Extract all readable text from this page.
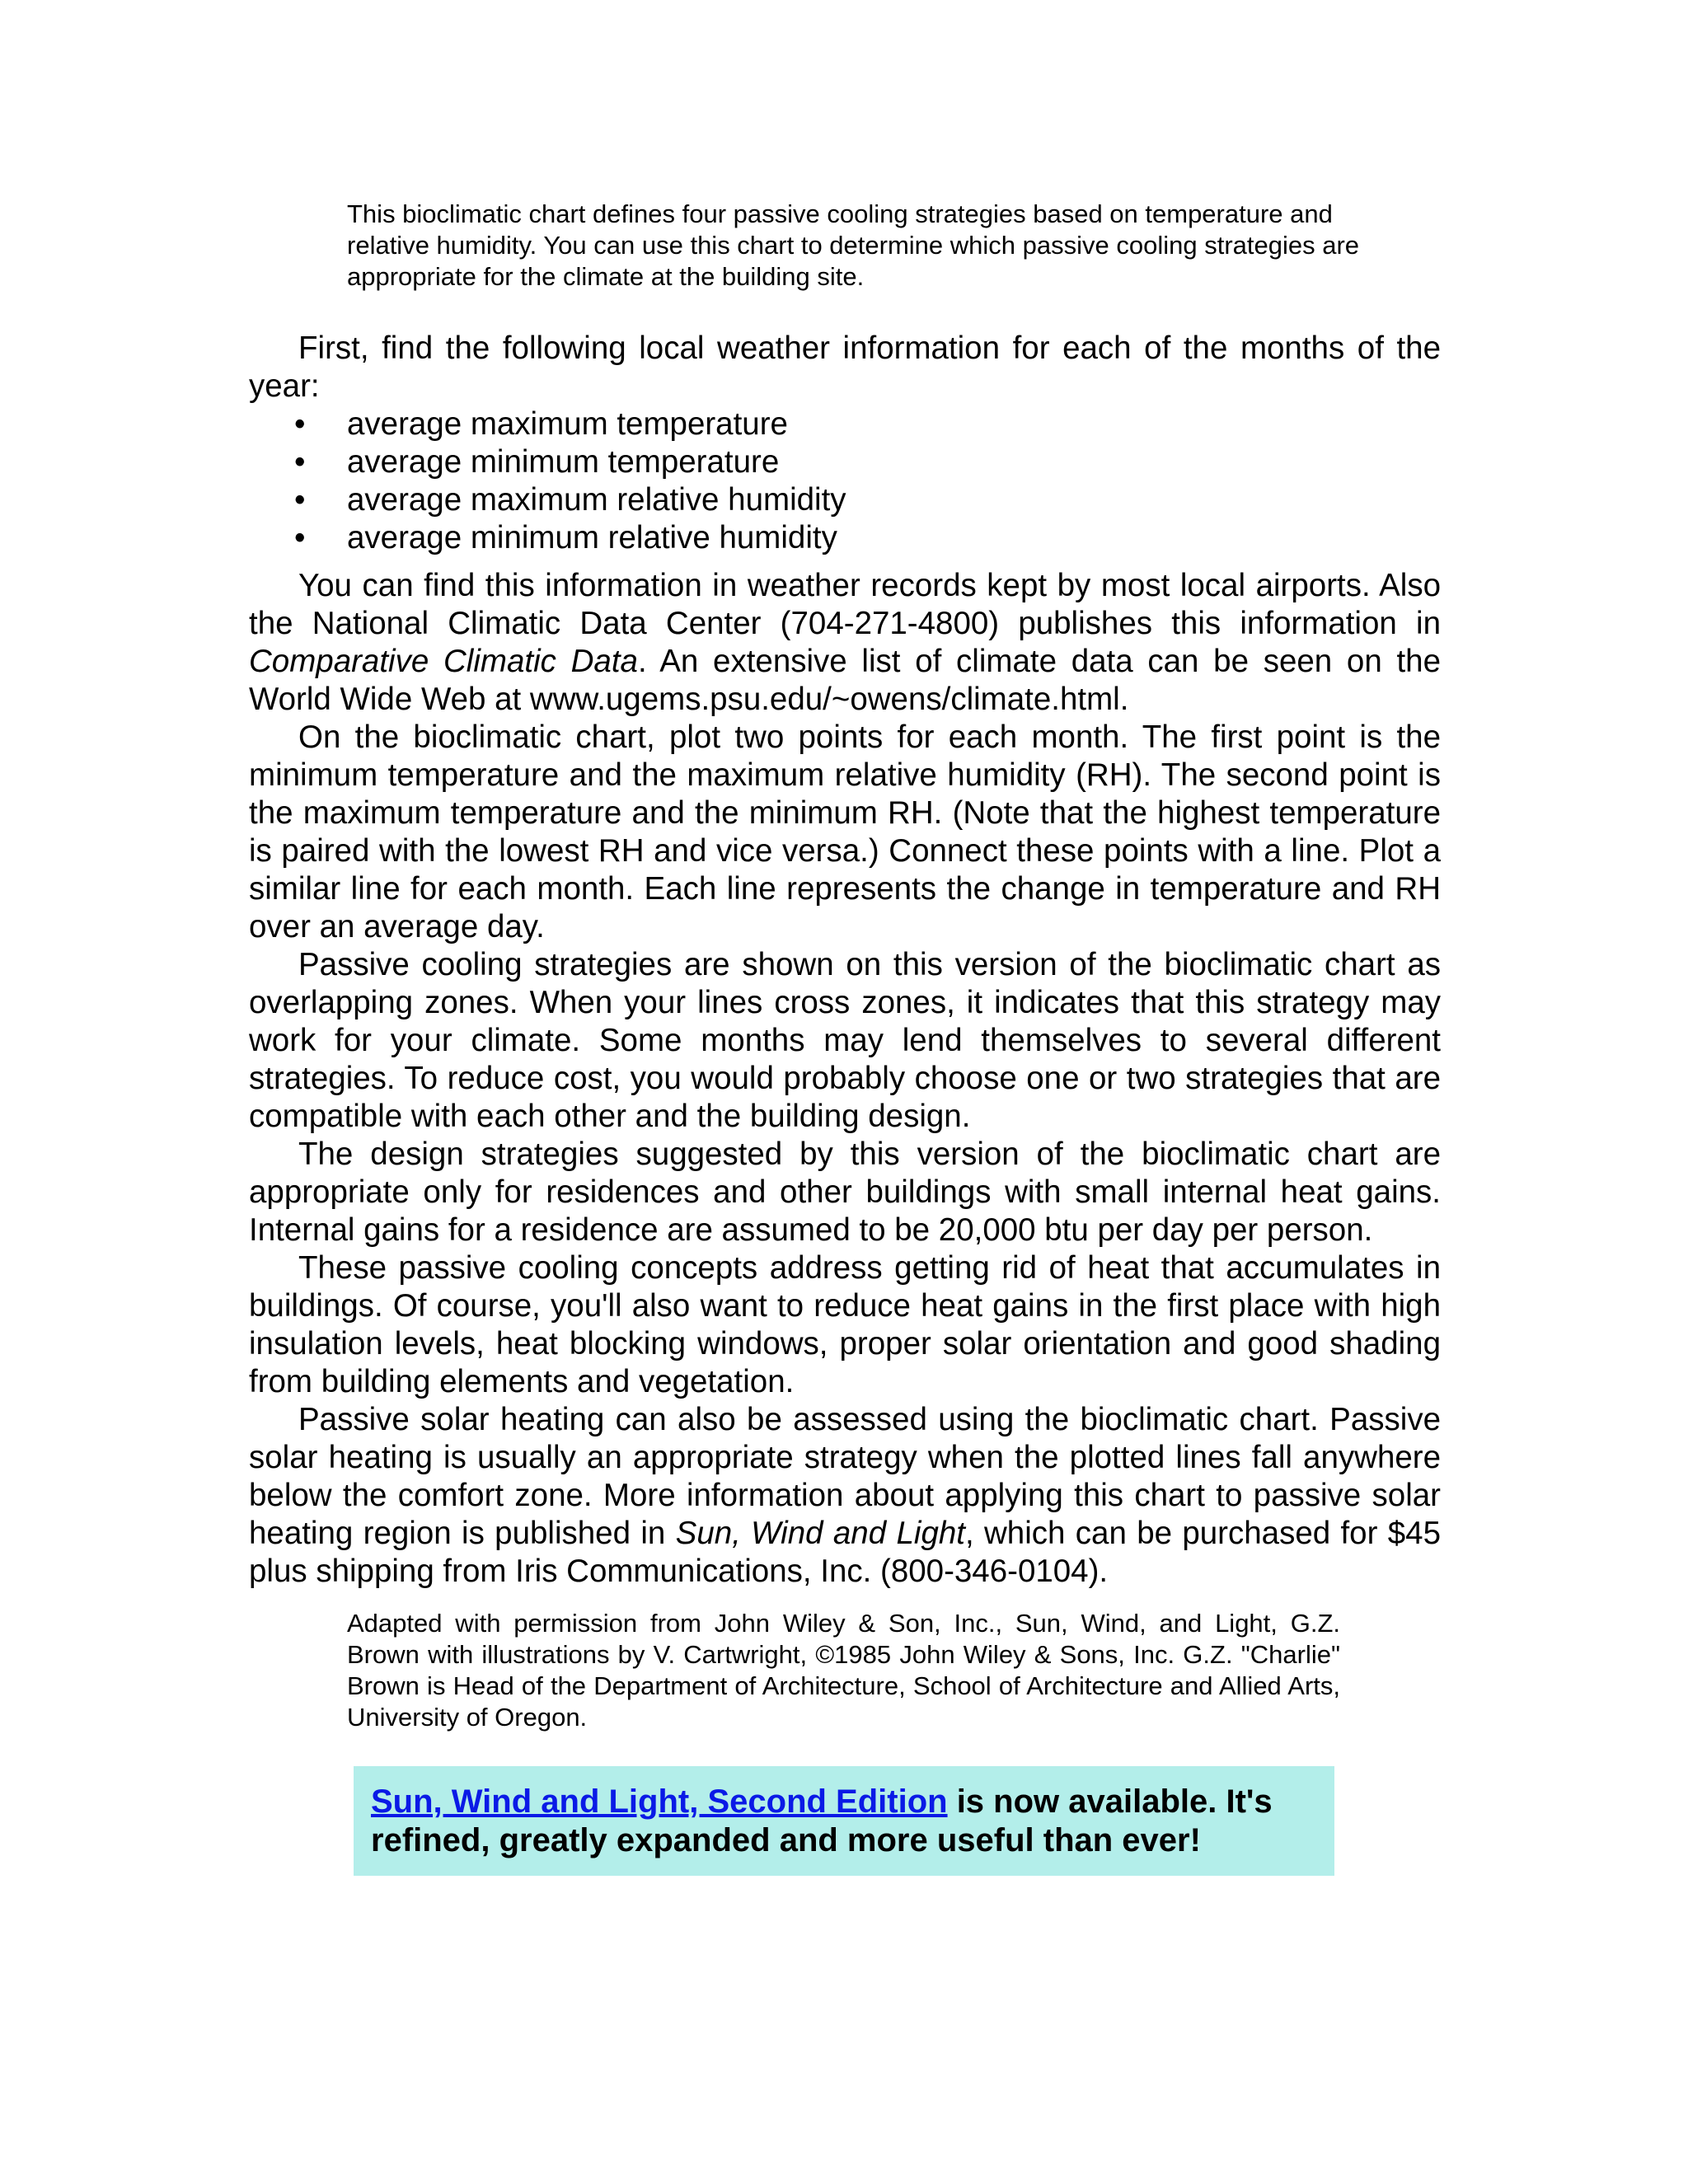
This bioclimatic chart defines four passive cooling strategies based on temperature and relative humidity. You can use this chart to determine which passive cooling strategies are appropriate for the climate at the building site.

First, find the following local weather information for each of the months of the year:

• average maximum temperature
• average minimum temperature
• average maximum relative humidity
• average minimum relative humidity

You can find this information in weather records kept by most local airports. Also the National Climatic Data Center (704-271-4800) publishes this information in Comparative Climatic Data. An extensive list of climate data can be seen on the World Wide Web at www.ugems.psu.edu/~owens/climate.html.

On the bioclimatic chart, plot two points for each month. The first point is the minimum temperature and the maximum relative humidity (RH). The second point is the maximum temperature and the minimum RH. (Note that the highest temperature is paired with the lowest RH and vice versa.) Connect these points with a line. Plot a similar line for each month. Each line represents the change in temperature and RH over an average day.

Passive cooling strategies are shown on this version of the bioclimatic chart as overlapping zones. When your lines cross zones, it indicates that this strategy may work for your climate. Some months may lend themselves to several different strategies. To reduce cost, you would probably choose one or two strategies that are compatible with each other and the building design.

The design strategies suggested by this version of the bioclimatic chart are appropriate only for residences and other buildings with small internal heat gains. Internal gains for a residence are assumed to be 20,000 btu per day per person.

These passive cooling concepts address getting rid of heat that accumulates in buildings. Of course, you'll also want to reduce heat gains in the first place with high insulation levels, heat blocking windows, proper solar orientation and good shading from building elements and vegetation.

Passive solar heating can also be assessed using the bioclimatic chart. Passive solar heating is usually an appropriate strategy when the plotted lines fall anywhere below the comfort zone. More information about applying this chart to passive solar heating region is published in Sun, Wind and Light, which can be purchased for $45 plus shipping from Iris Communications, Inc. (800-346-0104).

Adapted with permission from John Wiley & Son, Inc., Sun, Wind, and Light, G.Z. Brown with illustrations by V. Cartwright, ©1985 John Wiley & Sons, Inc. G.Z. "Charlie" Brown is Head of the Department of Architecture, School of Architecture and Allied Arts, University of Oregon.

Sun, Wind and Light, Second Edition is now available. It's refined, greatly expanded and more useful than ever!
